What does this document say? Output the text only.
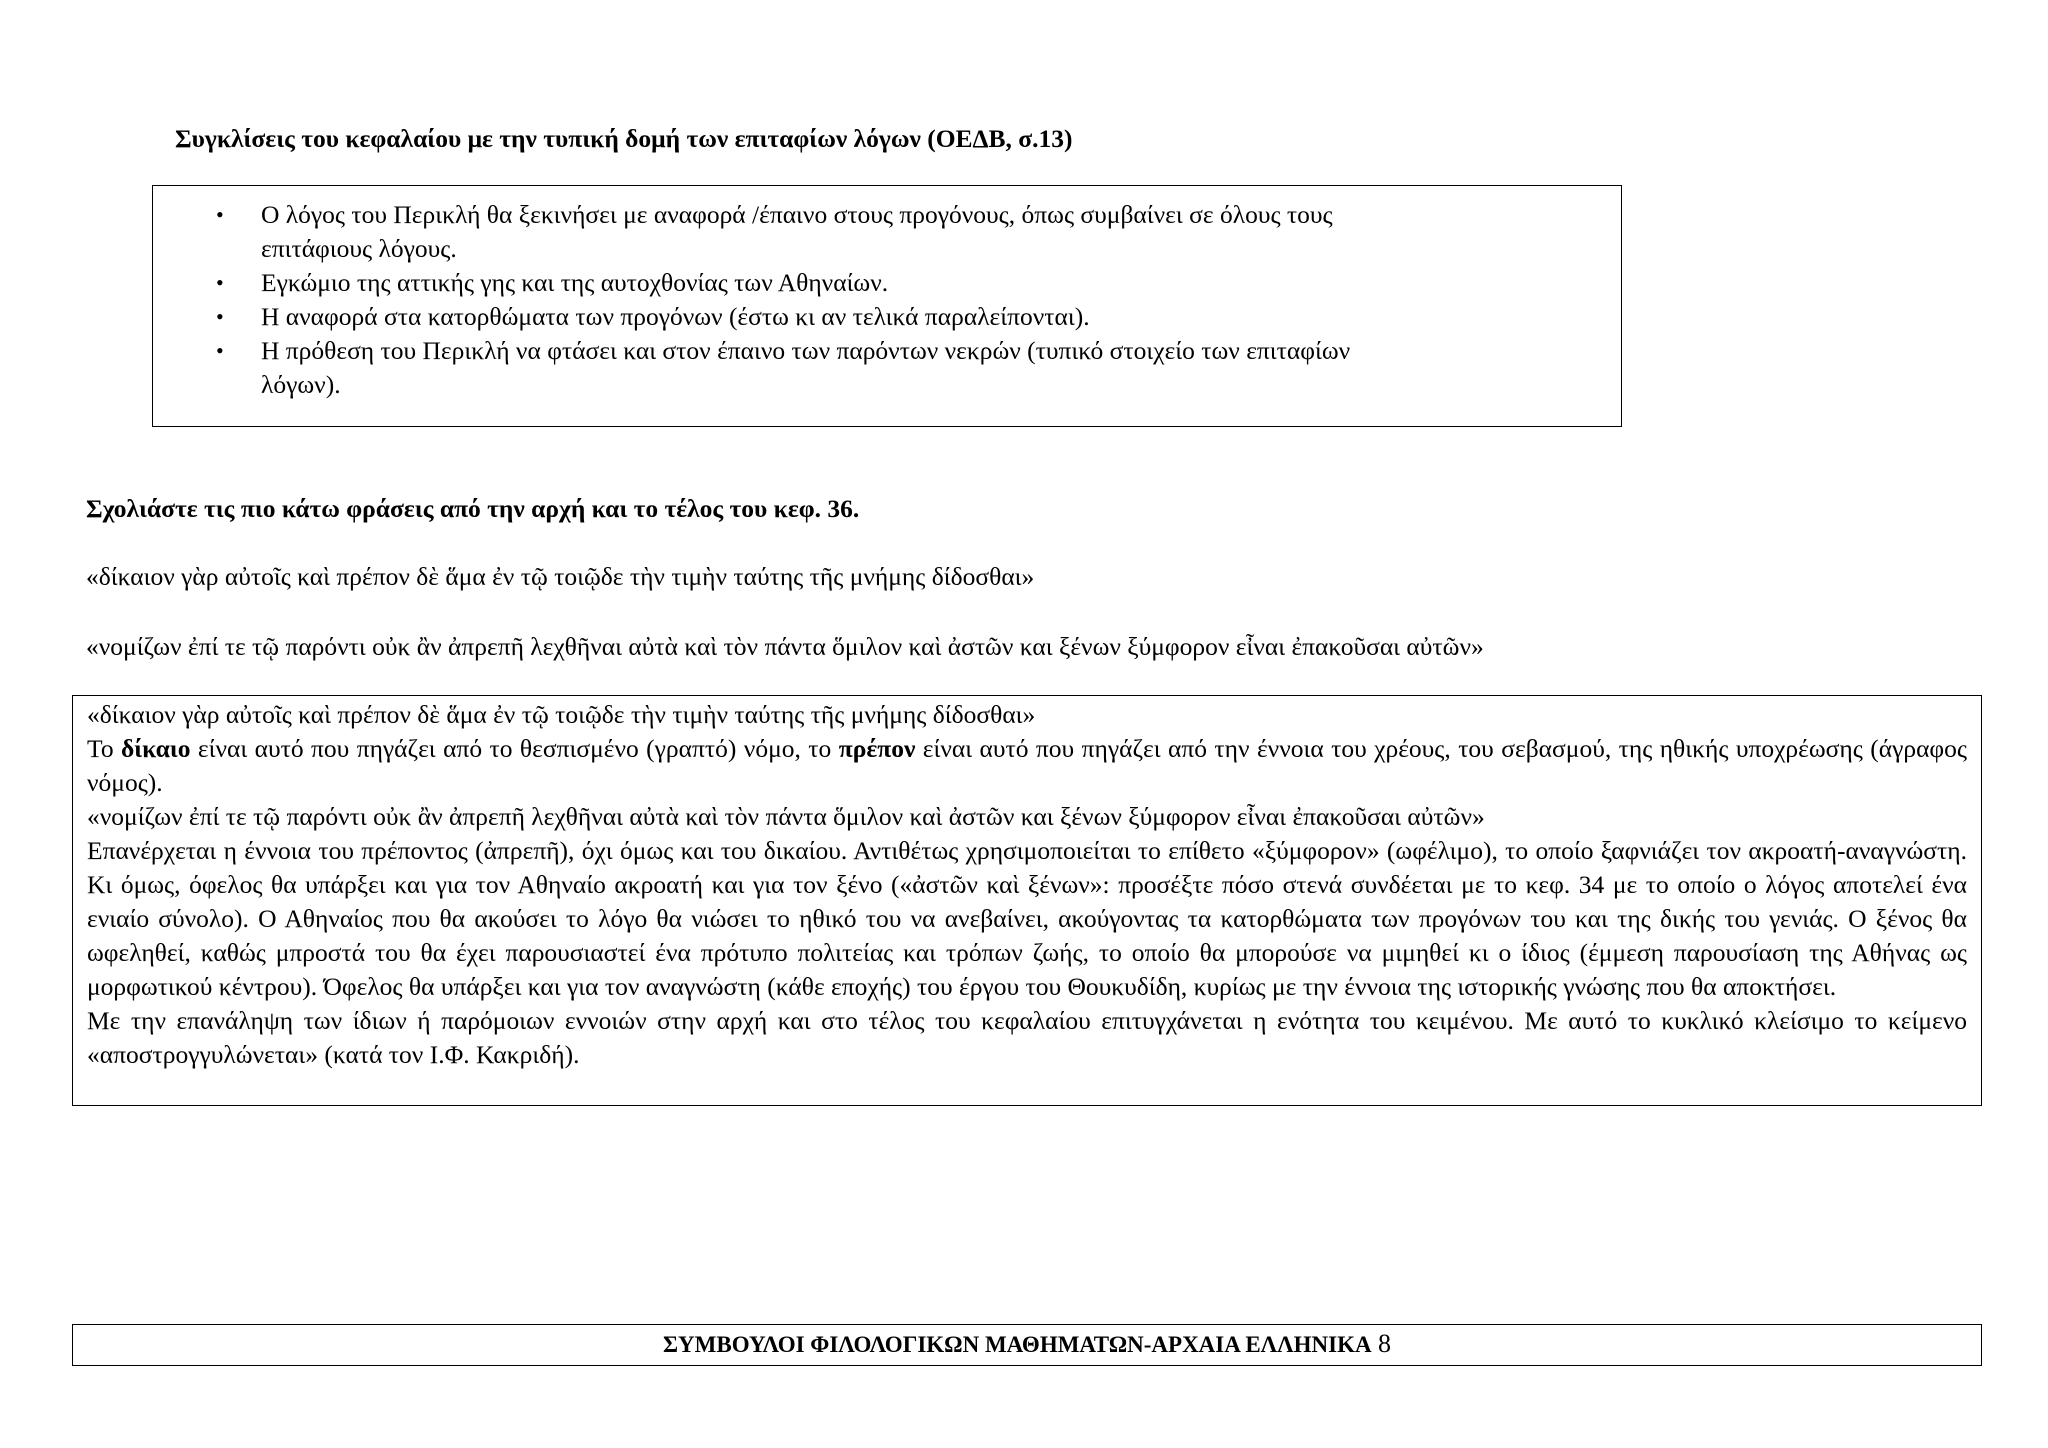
Συγκλίσεις του κεφαλαίου με την τυπική δομή των επιταφίων λόγων (ΟΕΔΒ, σ.13)
• Ο λόγος του Περικλή θα ξεκινήσει με αναφορά /έπαινο στους προγόνους, όπως συμβαίνει σε όλους τους
επιτάφιους λόγους.
• Εγκώμιο της αττικής γης και της αυτοχθονίας των Αθηναίων.
• Η αναφορά στα κατορθώματα των προγόνων (έστω κι αν τελικά παραλείπονται).
• Η πρόθεση του Περικλή να φτάσει και στον έπαινο των παρόντων νεκρών (τυπικό στοιχείο των επιταφίων
λόγων).
Σχολιάστε τις πιο κάτω φράσεις από την αρχή και το τέλος του κεφ. 36.
«δίκαιον γὰρ αὐτοῖς καὶ πρέπον δὲ ἅμα ἐν τῷ τοιῷδε τὴν τιμὴν ταύτης τῆς μνήμης δίδοσθαι»
«νομίζων ἐπί τε τῷ παρόντι οὐκ ἂν ἀπρεπῆ λεχθῆναι αὐτὰ καὶ τὸν πάντα ὅμιλον καὶ ἀστῶν και ξένων ξύμφορον εἶναι ἐπακοῦσαι αὐτῶν»

«δίκαιον γὰρ αὐτοῖς καὶ πρέπον δὲ ἅμα ἐν τῷ τοιῷδε τὴν τιμὴν ταύτης τῆς μνήμης δίδοσθαι»

Το δίκαιο είναι αυτό που πηγάζει από το θεσπισμένο (γραπτό) νόμο, το πρέπον είναι αυτό που πηγάζει από την έννοια του χρέους, του σεβασμού, της ηθικής υποχρέωσης (άγραφος νόμος).

«νομίζων ἐπί τε τῷ παρόντι οὐκ ἂν ἀπρεπῆ λεχθῆναι αὐτὰ καὶ τὸν πάντα ὅμιλον καὶ ἀστῶν και ξένων ξύμφορον εἶναι ἐπακοῦσαι αὐτῶν»

Επανέρχεται η έννοια του πρέποντος (ἀπρεπῆ), όχι όμως και του δικαίου. Αντιθέτως χρησιμοποιείται το επίθετο «ξύμφορον» (ωφέλιμο), το οποίο ξαφνιάζει τον ακροατή-αναγνώστη. Κι όμως, όφελος θα υπάρξει και για τον Αθηναίο ακροατή και για τον ξένο («ἀστῶν καὶ ξένων»: προσέξτε πόσο στενά συνδέεται με το κεφ. 34 με το οποίο ο λόγος αποτελεί ένα ενιαίο σύνολο). Ο Αθηναίος που θα ακούσει το λόγο θα νιώσει το ηθικό του να ανεβαίνει, ακούγοντας τα κατορθώματα των προγόνων του και της δικής του γενιάς. Ο ξένος θα ωφεληθεί, καθώς μπροστά του θα έχει παρουσιαστεί ένα πρότυπο πολιτείας και τρόπων ζωής, το οποίο θα μπορούσε να μιμηθεί κι ο ίδιος (έμμεση παρουσίαση της Αθήνας ως μορφωτικού κέντρου). Όφελος θα υπάρξει και για τον αναγνώστη (κάθε εποχής) του έργου του Θουκυδίδη, κυρίως με την έννοια της ιστορικής γνώσης που θα αποκτήσει.

Με την επανάληψη των ίδιων ή παρόμοιων εννοιών στην αρχή και στο τέλος του κεφαλαίου επιτυγχάνεται η ενότητα του κειμένου. Με αυτό το κυκλικό κλείσιμο το κείμενο «αποστρογγυλώνεται» (κατά τον Ι.Φ. Κακριδή).

ΣΥΜΒΟΥΛΟΙ ΦΙΛΟΛΟΓΙΚΩΝ ΜΑΘΗΜΑΤΩΝ-ΑΡΧΑΙΑ ΕΛΛΗΝΙΚΑ 8
